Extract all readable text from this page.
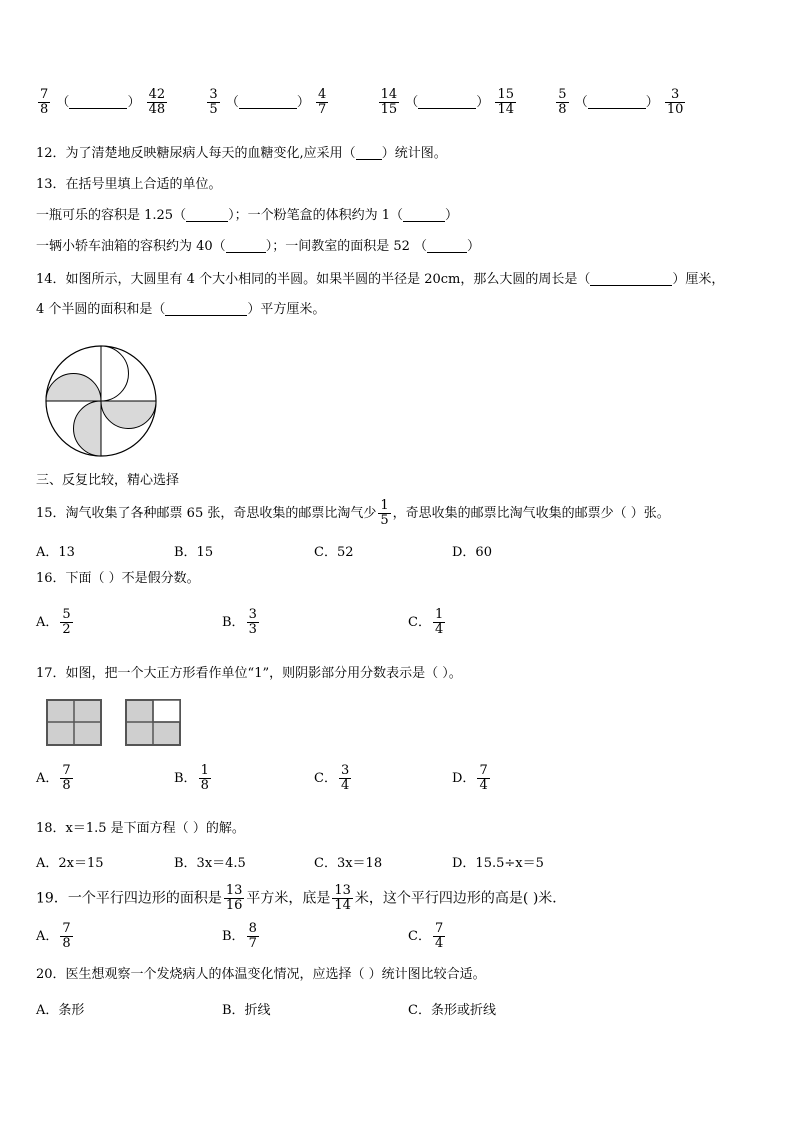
$\frac{7}{8}$ （	） $\frac{42}{48}$
	$\frac{3}{5}$ （	） $\frac{4}{7}$
	$\frac{14}{15}$ （	） $\frac{15}{14}$
	$\frac{5}{8}$ （	） $\frac{3}{10}$
12．为了清楚地反映糖尿病人每天的血糖变化,应采用（ ）统计图。
13．在括号里填上合适的单位。
一瓶可乐的容积是 1.25（	）；一个粉笔盒的体积约为 1（	）
一辆小轿车油箱的容积约为 40（	）；一间教室的面积是 52 （	）
14．如图所示，大圆里有 4 个大小相同的半圆。如果半圆的半径是 20cm，那么大圆的周长是（	）厘米，
4 个半圆的面积和是（	）平方厘米。
三、反复比较，精心选择
15．淘气收集了各种邮票 65 张，奇思收集的邮票比淘气少 $\frac{1}{5}$ ，奇思收集的邮票比淘气收集的邮票少（ ）张。
A．13	B．15	C．52	D．60
16．下面（ ）不是假分数。
A． $\frac{5}{2}$	B． $\frac{3}{3}$	C． $\frac{1}{4}$
17．如图，把一个大正方形看作单位“1”，则阴影部分用分数表示是（ ）。
A． $\frac{7}{8}$	B． $\frac{1}{8}$	C． $\frac{3}{4}$	D． $\frac{7}{4}$
18．x＝1.5 是下面方程（ ）的解。
A．2x＝15	B．3x＝4.5	C．3x＝18	D．15.5÷x＝5
19．一个平行四边形的面积是 $\frac{13}{16}$ 平方米，底是 $\frac{13}{14}$ 米，这个平行四边形的高是( )米．
A． $\frac{7}{8}$	B． $\frac{8}{7}$	C． $\frac{7}{4}$
20．医生想观察一个发烧病人的体温变化情况，应选择（ ）统计图比较合适。
A．条形	B．折线	C．条形或折线
